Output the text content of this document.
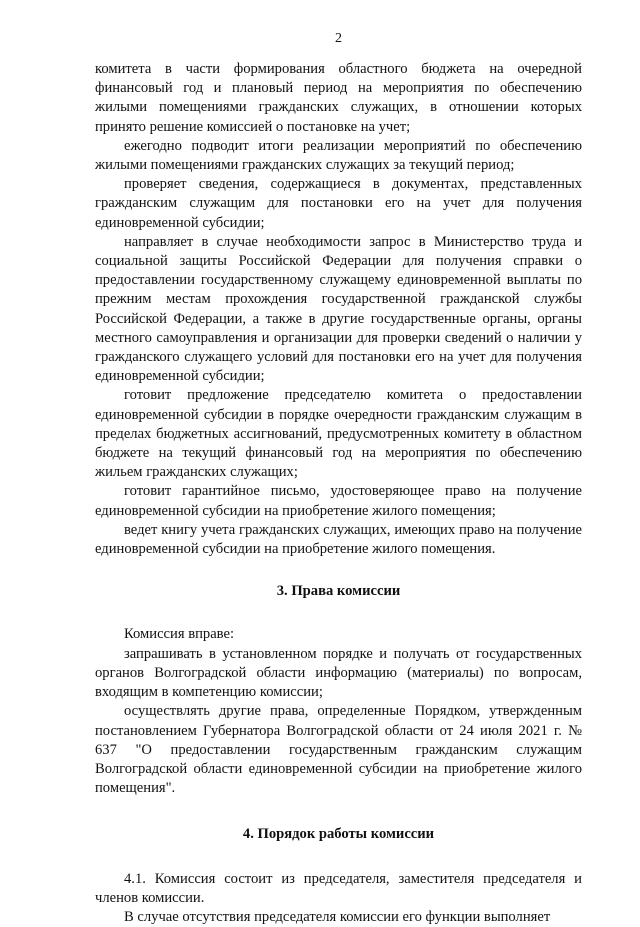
2

комитета в части формирования областного бюджета на очередной финансовый год и плановый период на мероприятия по обеспечению жилыми помещениями гражданских служащих, в отношении которых принято решение комиссией о постановке на учет;

ежегодно подводит итоги реализации мероприятий по обеспечению жилыми помещениями гражданских служащих за текущий период;

проверяет сведения, содержащиеся в документах, представленных гражданским служащим для постановки его на учет для получения единовременной субсидии;

направляет в случае необходимости запрос в Министерство труда и социальной защиты Российской Федерации для получения справки о предоставлении государственному служащему единовременной выплаты по прежним местам прохождения государственной гражданской службы Российской Федерации, а также в другие государственные органы, органы местного самоуправления и организации для проверки сведений о наличии у гражданского служащего условий для постановки его на учет для получения единовременной субсидии;

готовит предложение председателю комитета о предоставлении единовременной субсидии в порядке очередности гражданским служащим в пределах бюджетных ассигнований, предусмотренных комитету в областном бюджете на текущий финансовый год на мероприятия по обеспечению жильем гражданских служащих;

готовит гарантийное письмо, удостоверяющее право на получение единовременной субсидии на приобретение жилого помещения;

ведет книгу учета гражданских служащих, имеющих право на получение единовременной субсидии на приобретение жилого помещения.

3. Права комиссии

Комиссия вправе:

запрашивать в установленном порядке и получать от государственных органов Волгоградской области информацию (материалы) по вопросам, входящим в компетенцию комиссии;

осуществлять другие права, определенные Порядком, утвержденным постановлением Губернатора Волгоградской области от 24 июля 2021 г. № 637 "О предоставлении государственным гражданским служащим Волгоградской области единовременной субсидии на приобретение жилого помещения".

4. Порядок работы комиссии

4.1. Комиссия состоит из председателя, заместителя председателя и членов комиссии.

В случае отсутствия председателя комиссии его функции выполняет
